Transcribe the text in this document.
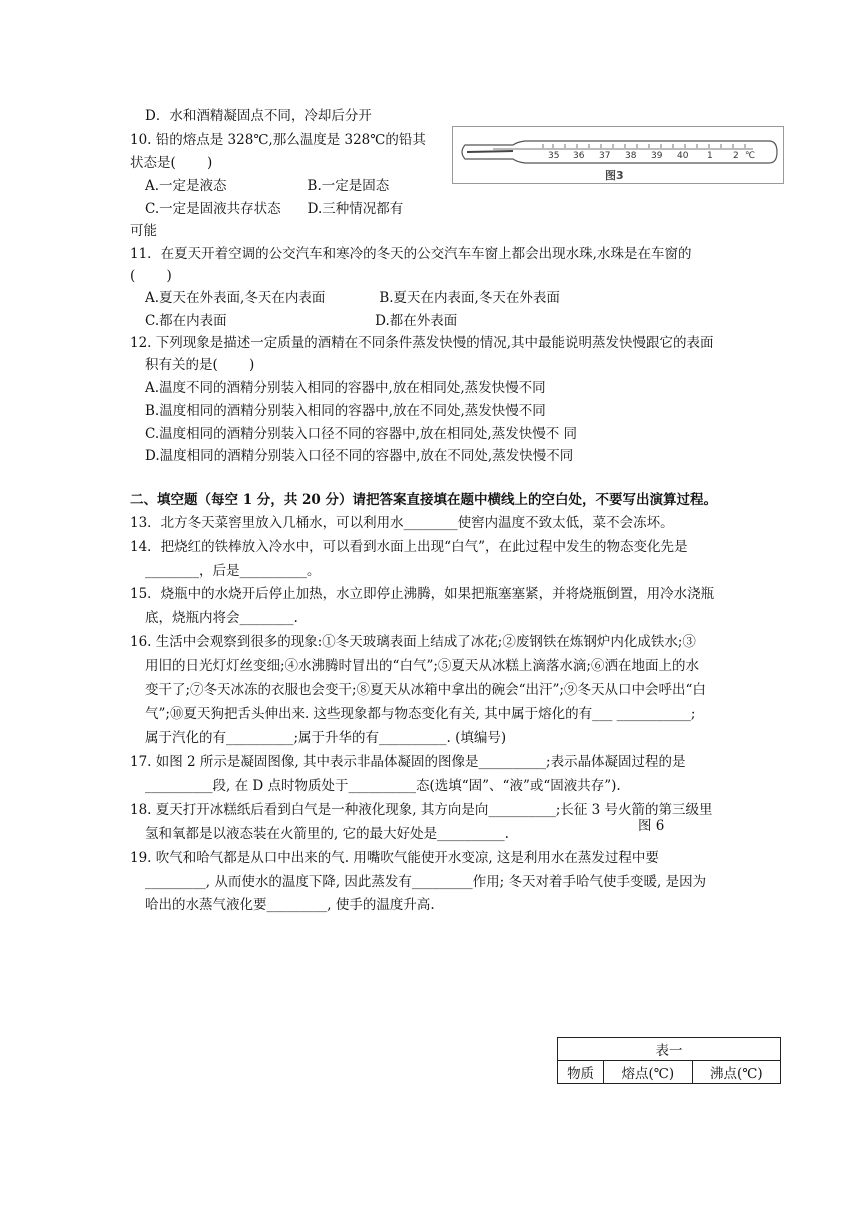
D．水和酒精凝固点不同，冷却后分开
10. 铅的熔点是 328℃,那么温度是 328℃的铅其
状态是(　　 )
A.一定是液态　　　　　　B.一定是固态
C.一定是固液共存状态　　D.三种情况都有
可能
35 36 37 38 39 40 1 2 ℃
图3
11．在夏天开着空调的公交汽车和寒冷的冬天的公交汽车车窗上都会出现水珠,水珠是在车窗的
(　　 )
A.夏天在外表面,冬天在内表面　　　　B.夏天在内表面,冬天在外表面
C.都在内表面　　　　　　　　　　　D.都在外表面
12. 下列现象是描述一定质量的酒精在不同条件蒸发快慢的情况,其中最能说明蒸发快慢跟它的表面
积有关的是(　　 )
A.温度不同的酒精分别装入相同的容器中,放在相同处,蒸发快慢不同
B.温度相同的酒精分别装入相同的容器中,放在不同处,蒸发快慢不同
C.温度相同的酒精分别装入口径不同的容器中,放在相同处,蒸发快慢不 同
D.温度相同的酒精分别装入口径不同的容器中,放在不同处,蒸发快慢不同
二、填空题（每空 1 分，共 20 分）请把答案直接填在题中横线上的空白处，不要写出演算过程。
13．北方冬天菜窖里放入几桶水，可以利用水________使窖内温度不致太低，菜不会冻坏。
14．把烧红的铁棒放入冷水中，可以看到水面上出现“白气”，在此过程中发生的物态变化先是
________，后是__________。
15．烧瓶中的水烧开后停止加热，水立即停止沸腾，如果把瓶塞塞紧，并将烧瓶倒置，用冷水浇瓶
底，烧瓶内将会________.
16. 生活中会观察到很多的现象:①冬天玻璃表面上结成了冰花;②废钢铁在炼钢炉内化成铁水;③
用旧的日光灯灯丝变细;④水沸腾时冒出的“白气”;⑤夏天从冰糕上滴落水滴;⑥洒在地面上的水
变干了;⑦冬天冰冻的衣服也会变干;⑧夏天从冰箱中拿出的碗会“出汗”;⑨冬天从口中会呼出“白
气”;⑩夏天狗把舌头伸出来. 这些现象都与物态变化有关, 其中属于熔化的有___ ___________;
属于汽化的有__________;属于升华的有__________. (填编号)
17. 如图 2 所示是凝固图像, 其中表示非晶体凝固的图像是__________;表示晶体凝固过程的是
__________段, 在 D 点时物质处于__________态(选填“固”、“液”或“固液共存”).
18. 夏天打开冰糕纸后看到白气是一种液化现象, 其方向是向__________;长征 3 号火箭的第三级里
氢和氧都是以液态装在火箭里的, 它的最大好处是__________.	图 6
19. 吹气和哈气都是从口中出来的气. 用嘴吹气能使开水变凉, 这是利用水在蒸发过程中要
_________, 从而使水的温度下降, 因此蒸发有_________作用; 冬天对着手哈气使手变暖, 是因为
哈出的水蒸气液化要_________, 使手的温度升高.
表一
物质	熔点(℃)	沸点(℃)
